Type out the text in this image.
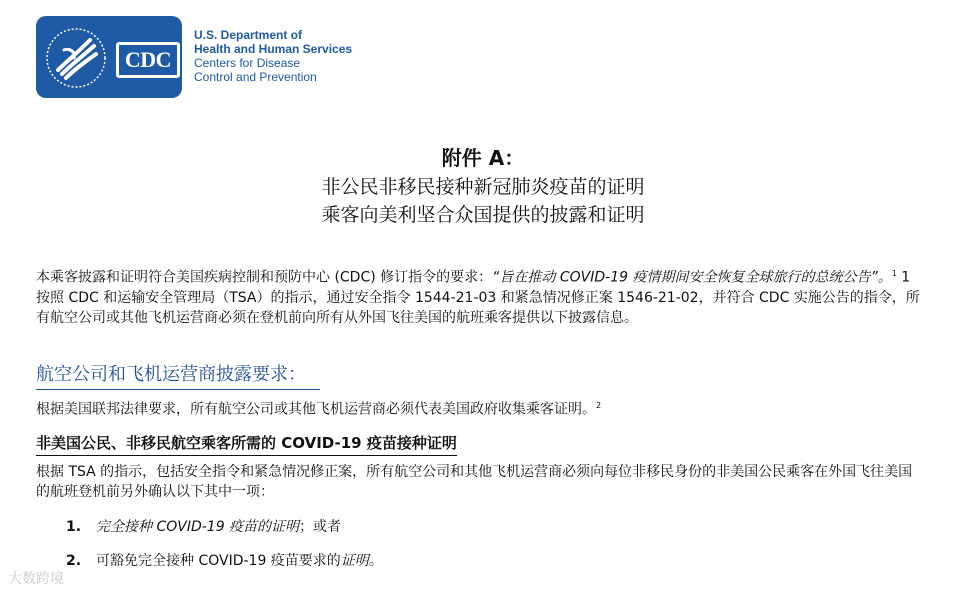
CDC
U.S. Department of
Health and Human Services
Centers for Disease
Control and Prevention
附件 A：
非公民非移民接种新冠肺炎疫苗的证明
乘客向美利坚合众国提供的披露和证明
本乘客披露和证明符合美国疾病控制和预防中心 (CDC) 修订指令的要求：“旨在推动 COVID-19 疫情期间安全恢复全球旅行的总统公告”。$^1$ 1 按照 CDC 和运输安全管理局（TSA）的指示，通过安全指令 1544-21-03 和紧急情况修正案 1546-21-02，并符合 CDC 实施公告的指令，所有航空公司或其他飞机运营商必须在登机前向所有从外国飞往美国的航班乘客提供以下披露信息。
航空公司和飞机运营商披露要求：
根据美国联邦法律要求，所有航空公司或其他飞机运营商必须代表美国政府收集乘客证明。$^2$
非美国公民、非移民航空乘客所需的 COVID-19 疫苗接种证明
根据 TSA 的指示，包括安全指令和紧急情况修正案，所有航空公司和其他飞机运营商必须向每位非移民身份的非美国公民乘客在外国飞往美国的航班登机前另外确认以下其中一项：
1. 完全接种 COVID-19 疫苗的证明；或者
2. 可豁免完全接种 COVID-19 疫苗要求的证明。
大数跨境
